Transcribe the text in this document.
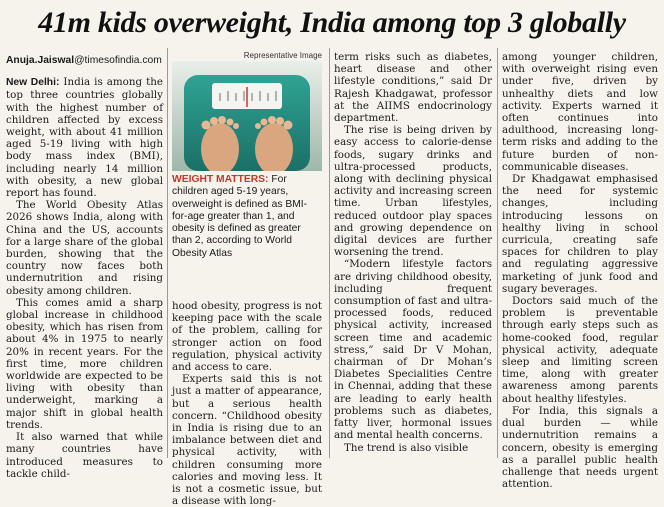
41m kids overweight, India among top 3 globally
Anuja.Jaiswal@timesofindia.com

New Delhi: India is among the top three countries globally with the highest number of children affected by excess weight, with about 41 million aged 5-19 living with high body mass index (BMI), including nearly 14 million with obesity, a new global report has found.

The World Obesity Atlas 2026 shows India, along with China and the US, accounts for a large share of the global burden, showing that the country now faces both undernutrition and rising obesity among children.

This comes amid a sharp global increase in childhood obesity, which has risen from about 4% in 1975 to nearly 20% in recent years. For the first time, more children worldwide are expected to be living with obesity than underweight, marking a major shift in global health trends.

It also warned that while many countries have introduced measures to tackle child-

Representative Image
WEIGHT MATTERS: For children aged 5-19 years, overweight is defined as BMI-for-age greater than 1, and obesity is defined as greater than 2, according to World Obesity Atlas

hood obesity, progress is not keeping pace with the scale of the problem, calling for stronger action on food regulation, physical activity and access to care.

Experts said this is not just a matter of appearance, but a serious health concern. “Childhood obesity in India is rising due to an imbalance between diet and physical activity, with children consuming more calories and moving less. It is not a cosmetic issue, but a disease with long-

term risks such as diabetes, heart disease and other lifestyle conditions,” said Dr Rajesh Khadgawat, professor at the AIIMS endocrinology department.

The rise is being driven by easy access to calorie-dense foods, sugary drinks and ultra-processed products, along with declining physical activity and increasing screen time. Urban lifestyles, reduced outdoor play spaces and growing dependence on digital devices are further worsening the trend.

“Modern lifestyle factors are driving childhood obesity, including frequent consumption of fast and ultra-processed foods, reduced physical activity, increased screen time and academic stress,” said Dr V Mohan, chairman of Dr Mohan’s Diabetes Specialities Centre in Chennai, adding that these are leading to early health problems such as diabetes, fatty liver, hormonal issues and mental health concerns.

The trend is also visible

among younger children, with overweight rising even under five, driven by unhealthy diets and low activity. Experts warned it often continues into adulthood, increasing long-term risks and adding to the future burden of non-communicable diseases.

Dr Khadgawat emphasised the need for systemic changes, including introducing lessons on healthy living in school curricula, creating safe spaces for children to play and regulating aggressive marketing of junk food and sugary beverages.

Doctors said much of the problem is preventable through early steps such as home-cooked food, regular physical activity, adequate sleep and limiting screen time, along with greater awareness among parents about healthy lifestyles.

For India, this signals a dual burden — while undernutrition remains a concern, obesity is emerging as a parallel public health challenge that needs urgent attention.
